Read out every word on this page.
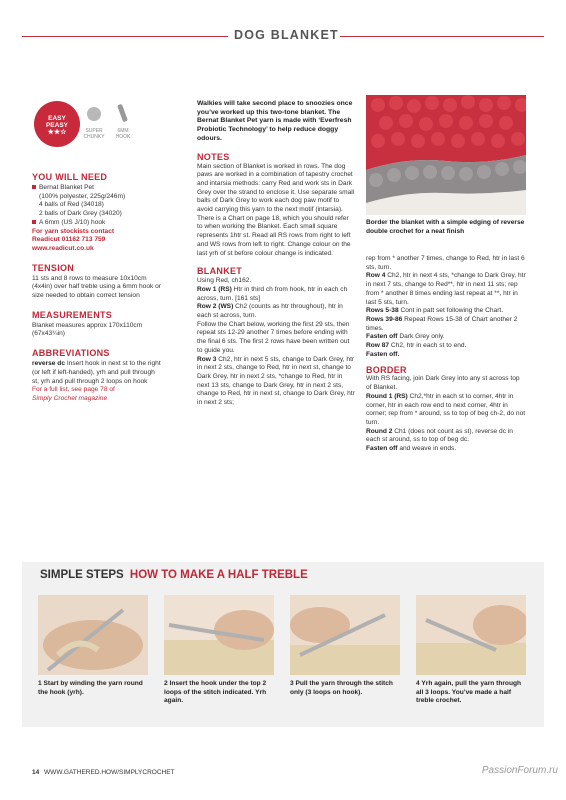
DOG BLANKET
EASY
PEASY
★★☆	SUPER CHUNKY
6MM HOOK
YOU WILL NEED
Bernat Blanket Pet
(100% polyester, 225g/246m)
4 balls of Red (34018)
2 balls of Dark Grey (34020)
A 6mm (US J/10) hook
For yarn stockists contact
Readicut 01162 713 759
www.readicut.co.uk
TENSION
11 sts and 8 rows to measure 10x10cm (4x4in) over half treble using a 6mm hook or size needed to obtain correct tension
MEASUREMENTS
Blanket measures approx 170x110cm (67x43¼in)
ABBREVIATIONS
reverse dc Insert hook in next st to the right (or left if left-handed), yrh and pull through st, yrh and pull through 2 loops on hook
For a full list, see page 78 of
Simply Crochet magazine
Walkies will take second place to snoozies once you’ve worked up this two-tone blanket. The Bernat Blanket Pet yarn is made with ‘Everfresh Probiotic Technology’ to help reduce doggy odours.
NOTES
Main section of Blanket is worked in rows. The dog paws are worked in a combination of tapestry crochet and intarsia methods: carry Red and work sts in Dark Grey over the strand to enclose it. Use separate small balls of Dark Grey to work each dog paw motif to avoid carrying this yarn to the next motif (intarsia). There is a Chart on page 18, which you should refer to when working the Blanket. Each small square represents 1htr st. Read all RS rows from right to left and WS rows from left to right. Change colour on the last yrh of st before colour change is indicated.
BLANKET
Using Red, ch162.
Row 1 (RS) Htr in third ch from hook, htr in each ch across, turn. [161 sts]
Row 2 (WS) Ch2 (counts as htr throughout), htr in each st across, turn.
Follow the Chart below, working the first 29 sts, then repeat sts 12-29 another 7 times before ending with the final 6 sts. The first 2 rows have been written out to guide you.
Row 3 Ch2, htr in next 5 sts, change to Dark Grey, htr in next 2 sts, change to Red, htr in next st, change to Dark Grey, htr in next 2 sts, *change to Red, htr in next 13 sts, change to Dark Grey, htr in next 2 sts, change to Red, htr in next st, change to Dark Grey, htr in next 2 sts;
Border the blanket with a simple edging of reverse double crochet for a neat finish
rep from * another 7 times, change to Red, htr in last 6 sts, turn.
Row 4 Ch2, htr in next 4 sts, *change to Dark Grey, htr in next 7 sts, change to Red**, htr in next 11 sts; rep from * another 8 times ending last repeat at **, htr in last 5 sts, turn.
Rows 5-38 Cont in patt set following the Chart.
Rows 39-86 Repeat Rows 15-38 of Chart another 2 times.
Fasten off Dark Grey only.
Row 87 Ch2, htr in each st to end.
Fasten off.
BORDER
With RS facing, join Dark Grey into any st across top of Blanket.
Round 1 (RS) Ch2,*htr in each st to corner, 4htr in corner, htr in each row end to next corner, 4htr in corner; rep from * around, ss to top of beg ch-2, do not turn.
Round 2 Ch1 (does not count as st), reverse dc in each st around, ss to top of beg dc.
Fasten off and weave in ends.
SIMPLE STEPS HOW TO MAKE A HALF TREBLE
1 Start by winding the yarn round the hook (yrh).
2 Insert the hook under the top 2 loops of the stitch indicated. Yrh again.
3 Pull the yarn through the stitch only (3 loops on hook).
4 Yrh again, pull the yarn through all 3 loops. You’ve made a half treble crochet.
14 WWW.GATHERED.HOW/SIMPLYCROCHET	PassionForum.ru
